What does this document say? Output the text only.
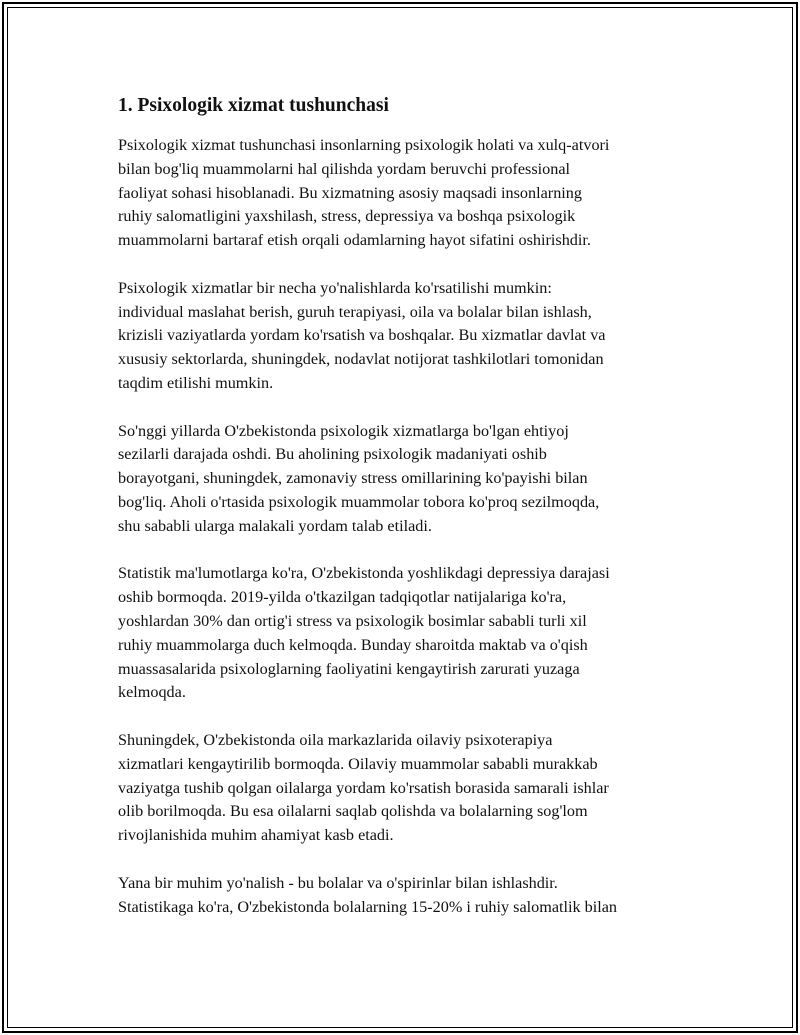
1. Psixologik xizmat tushunchasi

Psixologik xizmat tushunchasi insonlarning psixologik holati va xulq-atvori
bilan bog'liq muammolarni hal qilishda yordam beruvchi professional
faoliyat sohasi hisoblanadi. Bu xizmatning asosiy maqsadi insonlarning
ruhiy salomatligini yaxshilash, stress, depressiya va boshqa psixologik
muammolarni bartaraf etish orqali odamlarning hayot sifatini oshirishdir.

Psixologik xizmatlar bir necha yo'nalishlarda ko'rsatilishi mumkin:
individual maslahat berish, guruh terapiyasi, oila va bolalar bilan ishlash,
krizisli vaziyatlarda yordam ko'rsatish va boshqalar. Bu xizmatlar davlat va
xususiy sektorlarda, shuningdek, nodavlat notijorat tashkilotlari tomonidan
taqdim etilishi mumkin.

So'nggi yillarda O'zbekistonda psixologik xizmatlarga bo'lgan ehtiyoj
sezilarli darajada oshdi. Bu aholining psixologik madaniyati oshib
borayotgani, shuningdek, zamonaviy stress omillarining ko'payishi bilan
bog'liq. Aholi o'rtasida psixologik muammolar tobora ko'proq sezilmoqda,
shu sababli ularga malakali yordam talab etiladi.

Statistik ma'lumotlarga ko'ra, O'zbekistonda yoshlikdagi depressiya darajasi
oshib bormoqda. 2019-yilda o'tkazilgan tadqiqotlar natijalariga ko'ra,
yoshlardan 30% dan ortig'i stress va psixologik bosimlar sababli turli xil
ruhiy muammolarga duch kelmoqda. Bunday sharoitda maktab va o'qish
muassasalarida psixologlarning faoliyatini kengaytirish zarurati yuzaga
kelmoqda.

Shuningdek, O'zbekistonda oila markazlarida oilaviy psixoterapiya
xizmatlari kengaytirilib bormoqda. Oilaviy muammolar sababli murakkab
vaziyatga tushib qolgan oilalarga yordam ko'rsatish borasida samarali ishlar
olib borilmoqda. Bu esa oilalarni saqlab qolishda va bolalarning sog'lom
rivojlanishida muhim ahamiyat kasb etadi.

Yana bir muhim yo'nalish - bu bolalar va o'spirinlar bilan ishlashdir.
Statistikaga ko'ra, O'zbekistonda bolalarning 15-20% i ruhiy salomatlik bilan
